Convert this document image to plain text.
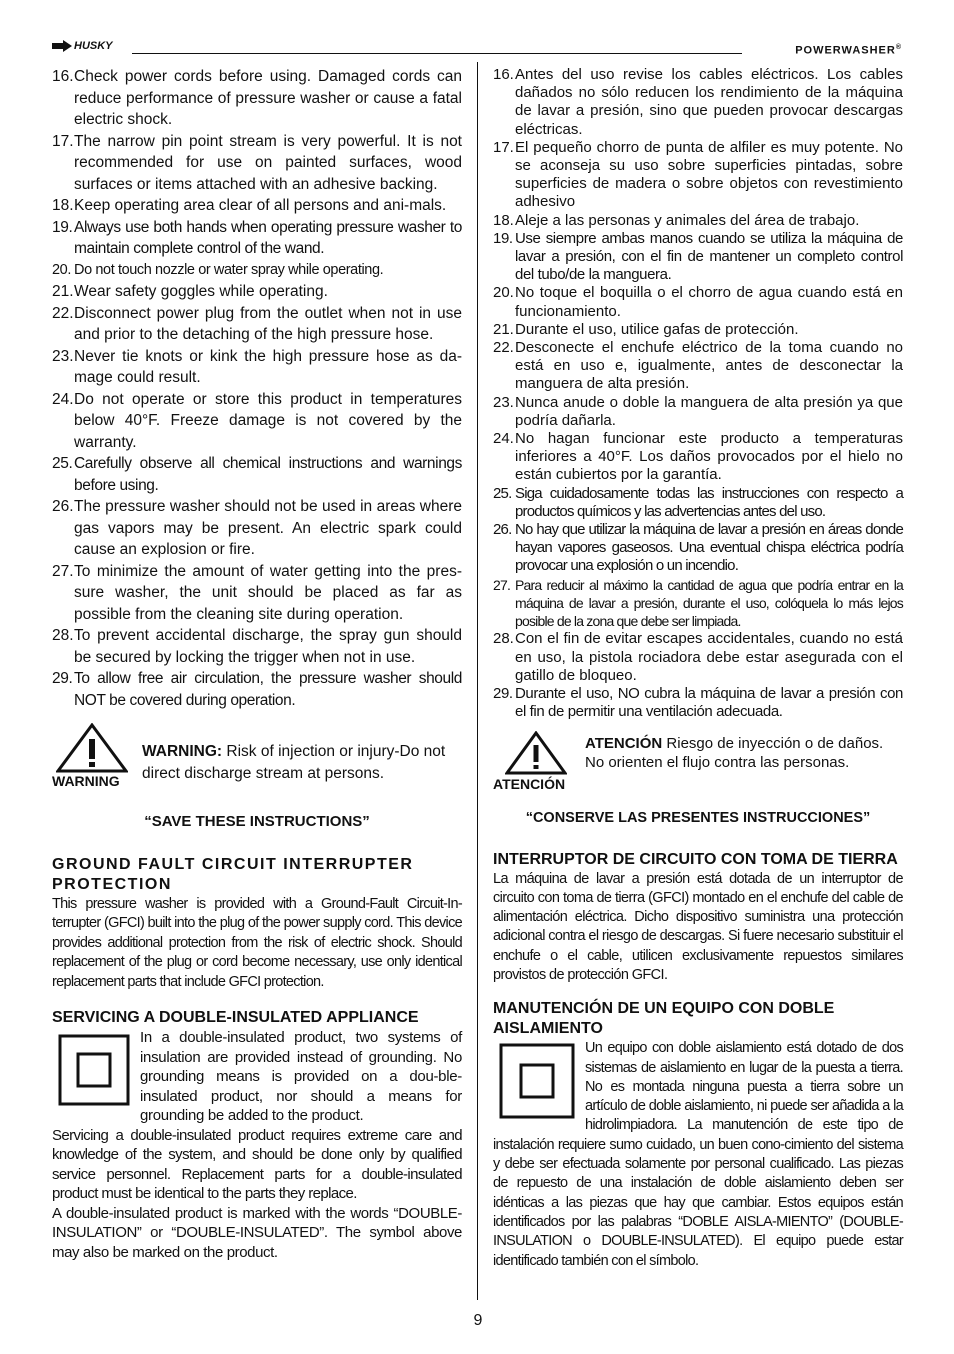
HUSKY	POWERWASHER®
16. Check power cords before using. Damaged cords can reduce performance of pressure washer or cause a fatal electric shock.
17. The narrow pin point stream is very powerful. It is not recommended for use on painted surfaces, wood surfaces or items attached with an adhesive backing.
18. Keep operating area clear of all persons and ani-mals.
19. Always use both hands when operating pressure washer to maintain complete control of the wand.
20. Do not touch nozzle or water spray while operating.
21. Wear safety goggles while operating.
22. Disconnect power plug from the outlet when not in use and prior to the detaching of the high pressure hose.
23. Never tie knots or kink the high pressure hose as da-mage could result.
24. Do not operate or store this product in temperatures below 40°F. Freeze damage is not covered by the warranty.
25. Carefully observe all chemical instructions and warnings before using.
26. The pressure washer should not be used in areas where gas vapors may be present. An electric spark could cause an explosion or fire.
27. To minimize the amount of water getting into the pres-sure washer, the unit should be placed as far as possible from the cleaning site during operation.
28. To prevent accidental discharge, the spray gun should be secured by locking the trigger when not in use.
29. To allow free air circulation, the pressure washer should NOT be covered during operation.
WARNING
WARNING: Risk of injection or injury-Do not direct discharge stream at persons.
“SAVE THESE INSTRUCTIONS”
GROUND FAULT CIRCUIT INTERRUPTER PROTECTION
This pressure washer is provided with a Ground-Fault Circuit-In-terrupter (GFCI) built into the plug of the power supply cord. This device provides additional protection from the risk of electric shock. Should replacement of the plug or cord become necessary, use only identical replacement parts that include GFCI protection.
SERVICING A DOUBLE-INSULATED APPLIANCE
In a double-insulated product, two systems of insulation are provided instead of grounding. No grounding means is provided on a dou-ble-insulated product, nor should a means for grounding be added to the product.
Servicing a double-insulated product requires extreme care and knowledge of the system, and should be done only by qualified service personnel. Replacement parts for a double-insulated product must be identical to the parts they replace.
A double-insulated product is marked with the words “DOUBLE-INSULATION” or “DOUBLE-INSULATED”. The symbol above may also be marked on the product.
16. Antes del uso revise los cables eléctricos. Los cables dañados no sólo reducen los rendimiento de la máquina de lavar a presión, sino que pueden provocar descargas eléctricas.
17. El pequeño chorro de punta de alfiler es muy potente. No se aconseja su uso sobre superficies pintadas, sobre superficies de madera o sobre objetos con revestimiento adhesivo
18. Aleje a las personas y animales del área de trabajo.
19. Use siempre ambas manos cuando se utiliza la máquina de lavar a presión, con el fin de mantener un completo control del tubo/de la manguera.
20. No toque el boquilla o el chorro de agua cuando está en funcionamiento.
21. Durante el uso, utilice gafas de protección.
22. Desconecte el enchufe eléctrico de la toma cuando no está en uso e, igualmente, antes de desconectar la manguera de alta presión.
23. Nunca anude o doble la manguera de alta presión ya que podría dañarla.
24. No hagan funcionar este producto a temperaturas inferiores a 40°F. Los daños provocados por el hielo no están cubiertos por la garantía.
25. Siga cuidadosamente todas las instrucciones con respecto a productos químicos y las advertencias antes del uso.
26. No hay que utilizar la máquina de lavar a presión en áreas donde hayan vapores gaseosos. Una eventual chispa eléctrica podría provocar una explosión o un incendio.
27. Para reducir al máximo la cantidad de agua que podría entrar en la máquina de lavar a presión, durante el uso, colóquela lo más lejos posible de la zona que debe ser limpiada.
28. Con el fin de evitar escapes accidentales, cuando no está en uso, la pistola rociadora debe estar asegurada con el gatillo de bloqueo.
29. Durante el uso, NO cubra la máquina de lavar a presión con el fin de permitir una ventilación adecuada.
ATENCIÓN
ATENCIÓN Riesgo de inyección o de daños. No orienten el flujo contra las personas.
“CONSERVE LAS PRESENTES INSTRUCCIONES”
INTERRUPTOR DE CIRCUITO CON TOMA DE TIERRA
La máquina de lavar a presión está dotada de un interruptor de circuito con toma de tierra (GFCI) montado en el enchufe del cable de alimentación eléctrica. Dicho dispositivo suministra una protección adicional contra el riesgo de descargas. Si fuere necesario substituir el enchufe o el cable, utilicen exclusivamente repuestos similares provistos de protección GFCI.
MANUTENCIÓN DE UN EQUIPO CON DOBLE AISLAMIENTO
Un equipo con doble aislamiento está dotado de dos sistemas de aislamiento en lugar de la puesta a tierra. No es montada ninguna puesta a tierra sobre un artículo de doble aislamiento, ni puede ser añadida a la hidrolimpiadora. La manutención de este tipo de instalación requiere sumo cuidado, un buen cono-cimiento del sistema y debe ser efectuada solamente por personal cualificado. Las piezas de repuesto de una instalación de doble aislamiento deben ser idénticas a las piezas que hay que cambiar. Estos equipos están identificados por las palabras “DOBLE AISLA-MIENTO” (DOUBLE-INSULATION o DOUBLE-INSULATED). El equipo puede estar identificado también con el símbolo.
9
